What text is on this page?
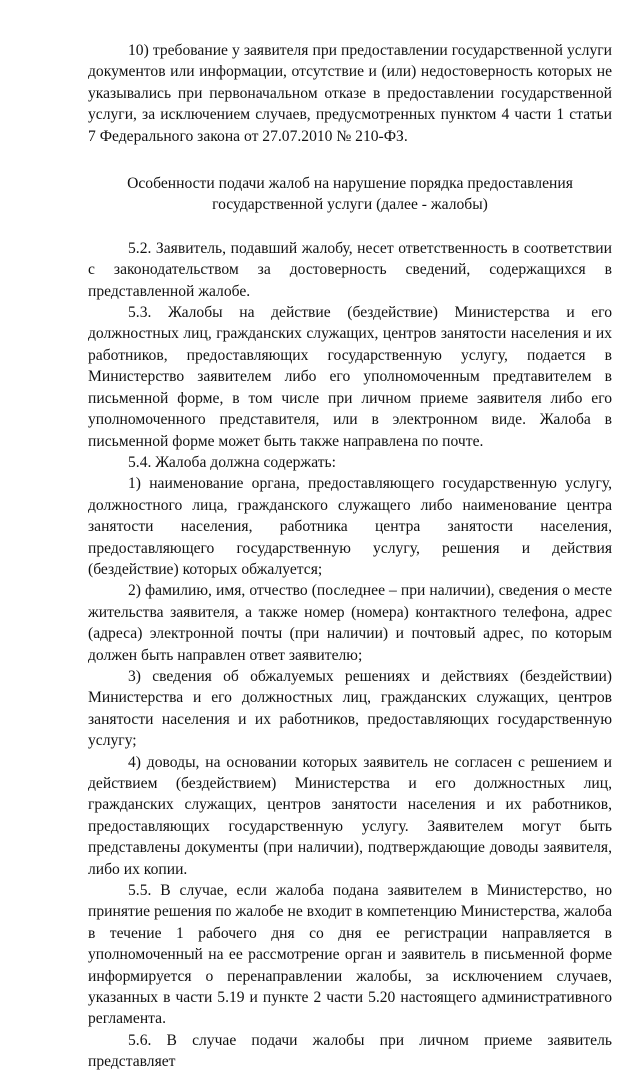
10) требование у заявителя при предоставлении государственной услуги документов или информации, отсутствие и (или) недостоверность которых не указывались при первоначальном отказе в предоставлении государственной услуги, за исключением случаев, предусмотренных пунктом 4 части 1 статьи 7 Федерального закона от 27.07.2010 № 210-ФЗ.

Особенности подачи жалоб на нарушение порядка предоставления
государственной услуги (далее - жалобы)

5.2. Заявитель, подавший жалобу, несет ответственность в соответствии с законодательством за достоверность сведений, содержащихся в представленной жалобе.

5.3. Жалобы на действие (бездействие) Министерства и его должностных лиц, гражданских служащих, центров занятости населения и их работников, предоставляющих государственную услугу, подается в Министерство заявителем либо его уполномоченным предтавителем в письменной форме, в том числе при личном приеме заявителя либо его уполномоченного представителя, или в электронном виде. Жалоба в письменной форме может быть также направлена по почте.

5.4. Жалоба должна содержать:

1) наименование органа, предоставляющего государственную услугу, должностного лица, гражданского служащего либо наименование центра занятости населения, работника центра занятости населения, предоставляющего государственную услугу, решения и действия (бездействие) которых обжалуется;

2) фамилию, имя, отчество (последнее – при наличии), сведения о месте жительства заявителя, а также номер (номера) контактного телефона, адрес (адреса) электронной почты (при наличии) и почтовый адрес, по которым должен быть направлен ответ заявителю;

3) сведения об обжалуемых решениях и действиях (бездействии) Министерства и его должностных лиц, гражданских служащих, центров занятости населения и их работников, предоставляющих государственную услугу;

4) доводы, на основании которых заявитель не согласен с решением и действием (бездействием) Министерства и его должностных лиц, гражданских служащих, центров занятости населения и их работников, предоставляющих государственную услугу. Заявителем могут быть представлены документы (при наличии), подтверждающие доводы заявителя, либо их копии.

5.5. В случае, если жалоба подана заявителем в Министерство, но принятие решения по жалобе не входит в компетенцию Министерства, жалоба в течение 1 рабочего дня со дня ее регистрации направляется в уполномоченный на ее рассмотрение орган и заявитель в письменной форме информируется о перенаправлении жалобы, за исключением случаев, указанных в части 5.19 и пункте 2 части 5.20 настоящего административного регламента.

5.6. В случае подачи жалобы при личном приеме заявитель представляет
